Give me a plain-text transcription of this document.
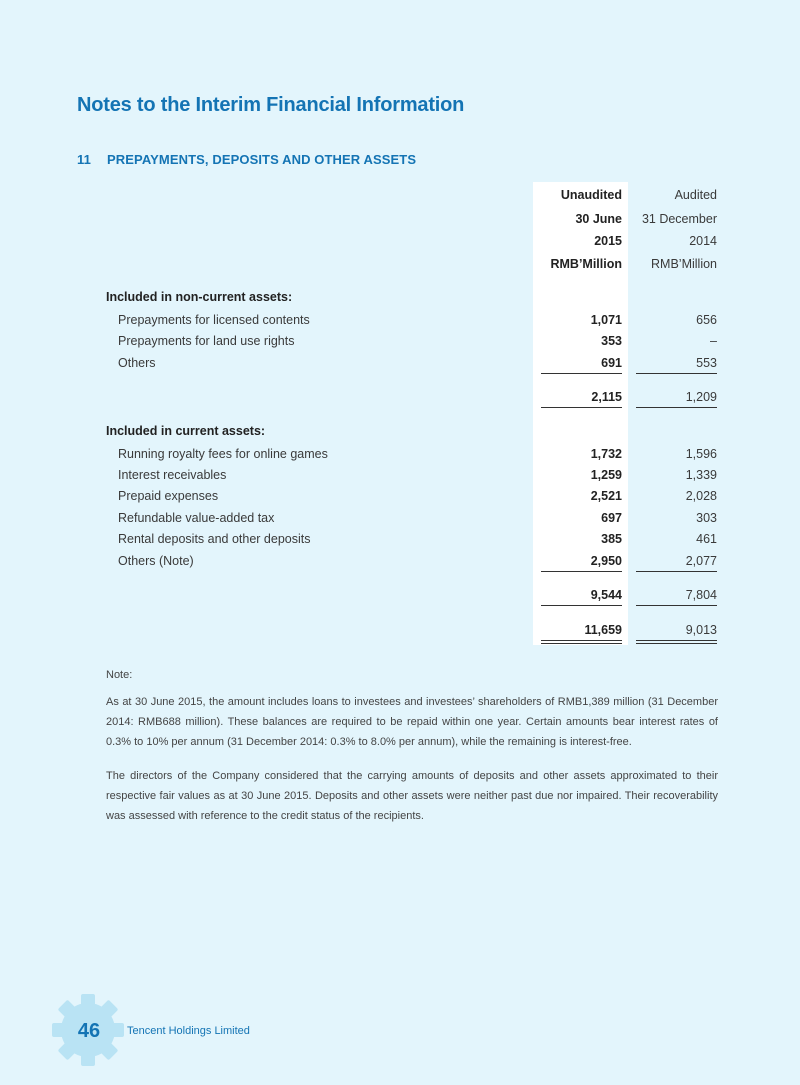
Notes to the Interim Financial Information
11 PREPAYMENTS, DEPOSITS AND OTHER ASSETS
Unaudited	Audited
30 June 31 December
2015	2014
RMB’Million RMB’Million
Included in non-current assets:
Prepayments for licensed contents	1,071	656
Prepayments for land use rights	353	–
Others	691	553
2,115	1,209
Included in current assets:
Running royalty fees for online games	1,732	1,596
Interest receivables	1,259	1,339
Prepaid expenses	2,521	2,028
Refundable value-added tax	697	303
Rental deposits and other deposits	385	461
Others (Note)	2,950	2,077
9,544	7,804
11,659	9,013
Note:

As at 30 June 2015, the amount includes loans to investees and investees’ shareholders of RMB1,389 million (31 December 2014: RMB688 million). These balances are required to be repaid within one year. Certain amounts bear interest rates of 0.3% to 10% per annum (31 December 2014: 0.3% to 8.0% per annum), while the remaining is interest-free.

The directors of the Company considered that the carrying amounts of deposits and other assets approximated to their respective fair values as at 30 June 2015. Deposits and other assets were neither past due nor impaired. Their recoverability was assessed with reference to the credit status of the recipients.

46	Tencent Holdings Limited
